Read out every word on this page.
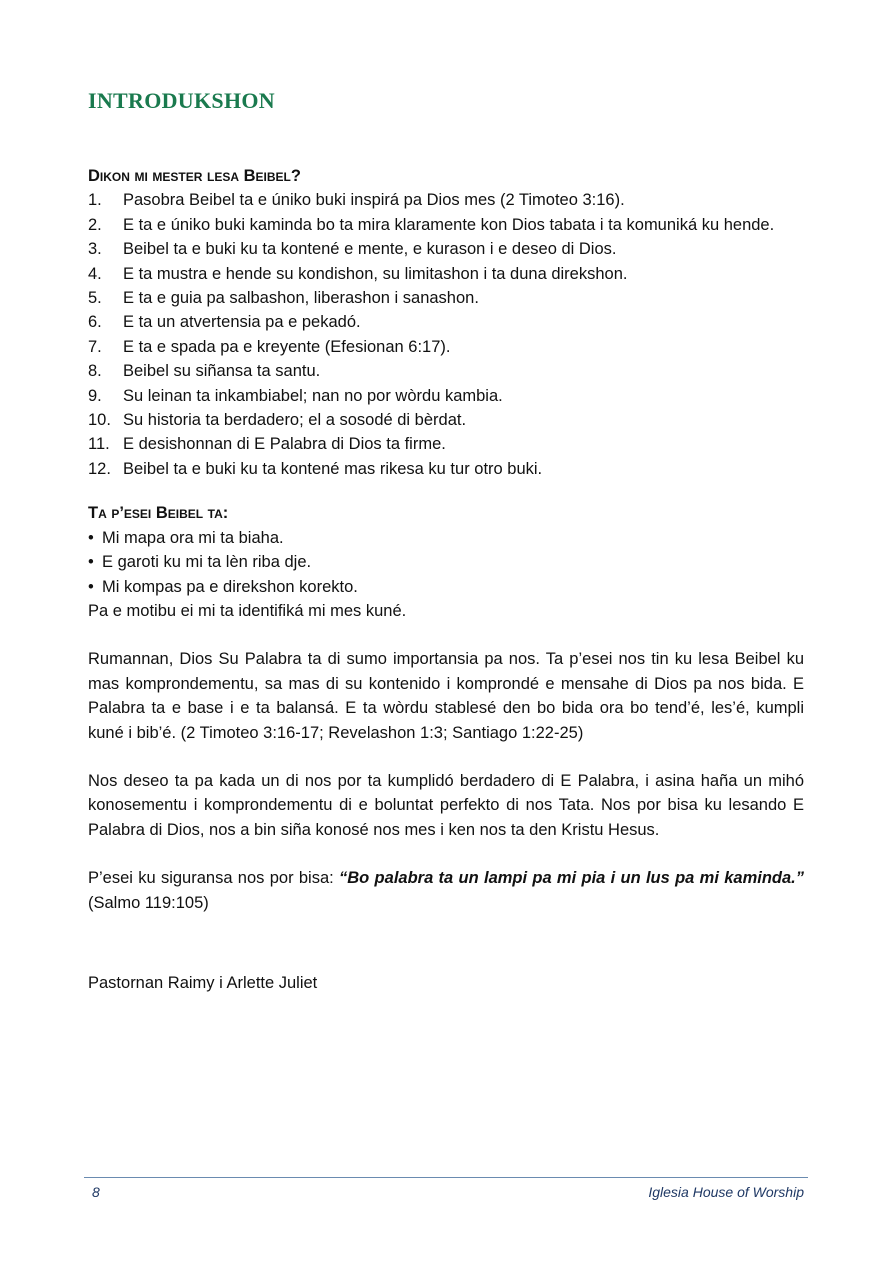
INTRODUKSHON
Dikon mi mester lesa Beibel?
1.	Pasobra Beibel ta e úniko buki inspirá pa Dios mes (2 Timoteo 3:16).
2.	E ta e úniko buki kaminda bo ta mira klaramente kon Dios tabata i ta komuniká ku hende.
3.	Beibel ta e buki ku ta kontené e mente, e kurason i e deseo di Dios.
4.	E ta mustra e hende su kondishon, su limitashon i ta duna direkshon.
5.	E ta e guia pa salbashon, liberashon i sanashon.
6.	E ta un atvertensia pa e pekadó.
7.	E ta e spada pa e kreyente (Efesionan 6:17).
8.	Beibel su siñansa ta santu.
9.	Su leinan ta inkambiabel; nan no por wòrdu kambia.
10. Su historia ta berdadero; el a sosodé di bèrdat.
11. E desishonnan di E Palabra di Dios ta firme.
12. Beibel ta e buki ku ta kontené mas rikesa ku tur otro buki.
Ta p’esei Beibel ta:
• Mi mapa ora mi ta biaha.
• E garoti ku mi ta lèn riba dje.
• Mi kompas pa e direkshon korekto.

Pa e motibu ei mi ta identifiká mi mes kuné.

Rumannan, Dios Su Palabra ta di sumo importansia pa nos. Ta p’esei nos tin ku lesa Beibel ku mas komprondementu, sa mas di su kontenido i komprondé e mensahe di Dios pa nos bida. E Palabra ta e base i e ta balansá. E ta wòrdu stablesé den bo bida ora bo tend’é, les’é, kumpli kuné i bib’é. (2 Timoteo 3:16-17; Revelashon 1:3; Santiago 1:22-25)

Nos deseo ta pa kada un di nos por ta kumplidó berdadero di E Palabra, i asina haña un mihó konosementu i komprondementu di e boluntat perfekto di nos Tata. Nos por bisa ku lesando E Palabra di Dios, nos a bin siña konosé nos mes i ken nos ta den Kristu Hesus.

P’esei ku siguransa nos por bisa: “Bo palabra ta un lampi pa mi pia i un lus pa mi kaminda.” (Salmo 119:105)

Pastornan Raimy i Arlette Juliet

8	Iglesia House of Worship
